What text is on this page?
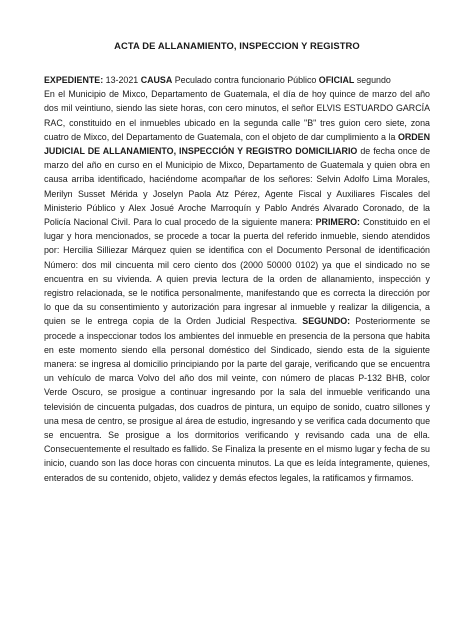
ACTA DE ALLANAMIENTO, INSPECCION Y REGISTRO

EXPEDIENTE: 13-2021 CAUSA Peculado contra funcionario Público OFICIAL segundo
En el Municipio de Mixco, Departamento de Guatemala, el día de hoy quince de marzo del año dos mil veintiuno, siendo las siete horas, con cero minutos, el señor ELVIS ESTUARDO GARCÍA RAC, constituido en el inmuebles ubicado en la segunda calle "B" tres guion cero siete, zona cuatro de Mixco, del Departamento de Guatemala, con el objeto de dar cumplimiento a la ORDEN JUDICIAL DE ALLANAMIENTO, INSPECCIÓN Y REGISTRO DOMICILIARIO de fecha once de marzo del año en curso en el Municipio de Mixco, Departamento de Guatemala y quien obra en causa arriba identificado, haciéndome acompañar de los señores: Selvin Adolfo Lima Morales, Merilyn Susset Mérida y Joselyn Paola Atz Pérez, Agente Fiscal y Auxiliares Fiscales del Ministerio Público y Alex Josué Aroche Marroquín y Pablo Andrés Alvarado Coronado, de la Policía Nacional Civil. Para lo cual procedo de la siguiente manera: PRIMERO: Constituido en el lugar y hora mencionados, se procede a tocar la puerta del referido inmueble, siendo atendidos por: Hercilia Silliezar Márquez quien se identifica con el Documento Personal de identificación Número: dos mil cincuenta mil cero ciento dos (2000 50000 0102) ya que el sindicado no se encuentra en su vivienda. A quien previa lectura de la orden de allanamiento, inspección y registro relacionada, se le notifica personalmente, manifestando que es correcta la dirección por lo que da su consentimiento y autorización para ingresar al inmueble y realizar la diligencia, a quien se le entrega copia de la Orden Judicial Respectiva. SEGUNDO: Posteriormente se procede a inspeccionar todos los ambientes del inmueble en presencia de la persona que habita en este momento siendo ella personal doméstico del Sindicado, siendo esta de la siguiente manera: se ingresa al domicilio principiando por la parte del garaje, verificando que se encuentra un vehículo de marca Volvo del año dos mil veinte, con número de placas P-132 BHB, color Verde Oscuro, se prosigue a continuar ingresando por la sala del inmueble verificando una televisión de cincuenta pulgadas, dos cuadros de pintura, un equipo de sonido, cuatro sillones y una mesa de centro, se prosigue al área de estudio, ingresando y se verifica cada documento que se encuentra. Se prosigue a los dormitorios verificando y revisando cada una de ella. Consecuentemente el resultado es fallido. Se Finaliza la presente en el mismo lugar y fecha de su inicio, cuando son las doce horas con cincuenta minutos. La que es leída íntegramente, quienes, enterados de su contenido, objeto, validez y demás efectos legales, la ratificamos y firmamos.
